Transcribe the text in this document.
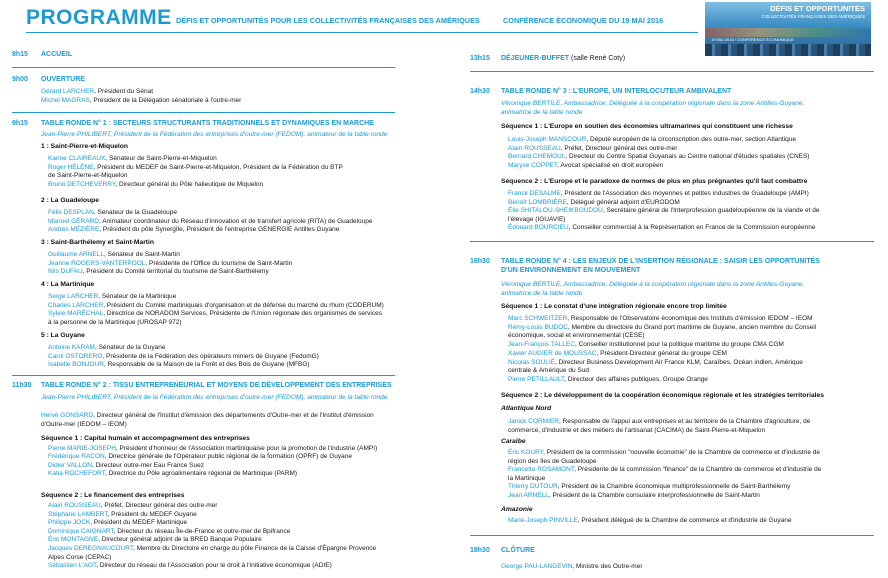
PROGRAMME DÉFIS ET OPPORTUNITÉS POUR LES COLLECTIVITÉS FRANÇAISES DES AMÉRIQUES	CONFÉRENCE ÉCONOMIQUE DU 19 MAI 2016
DÉFIS ET OPPORTUNITÉS
COLLECTIVITÉS FRANÇAISES DES AMÉRIQUES
19 MAI 2016 / CONFÉRENCE ÉCONOMIQUE
8h15 ACCUEIL
9h00 OUVERTURE
Gérard LARCHER, Président du Sénat
Michel MAGRAS, Président de la Délégation sénatoriale à l'outre-mer
9h15 TABLE RONDE N° 1 : SECTEURS STRUCTURANTS TRADITIONNELS ET DYNAMIQUES EN MARCHE
Jean-Pierre PHILIBERT, Président de la Fédération des entreprises d'outre-mer (FEDOM), animateur de la table ronde
1 : Saint-Pierre-et-Miquelon
Karine CLAIREAUX, Sénateur de Saint-Pierre-et-Miquelon
Roger HÉLÈNE, Président du MEDEF de Saint-Pierre-et-Miquelon, Président de la Fédération du BTP
de Saint-Pierre-et-Miquelon
Bruno DETCHEVERRY, Directeur général du Pôle halieutique de Miquelon
2 : La Guadeloupe
Félix DESPLAN, Sénateur de la Guadeloupe
Manuel GÉRARD, Animateur coordinateur du Réseau d'innovation et de transfert agricole (RITA) de Guadeloupe
Andrés MÉZIÈRE, Président du pôle Synergîle, Président de l'entreprise GENERGIE Antilles Guyane
3 : Saint-Barthélemy et Saint-Martin
Guillaume ARNELL, Sénateur de Saint-Martin
Jeanne ROGERS-VANTERPOOL, Présidente de l'Office du tourisme de Saint-Martin
Nils DUFAU, Président du Comité territorial du tourisme de Saint-Barthélemy
4 : La Martinique
Serge LARCHER, Sénateur de la Martinique
Charles LARCHER, Président du Comité martiniquais d'organisation et de défense du marché du rhum (CODERUM)
Sylvie MARÉCHAL, Directrice de NORADOM Services, Présidente de l'Union régionale des organismes de services
à la personne de la Martinique (UROSAP 972)
5 : La Guyane
Antoine KARAM, Sénateur de la Guyane
Carol OSTORERO, Présidente de la Fédération des opérateurs miniers de Guyane (FedomG)
Isabelle BONJOUR, Responsable de la Maison de la Forêt et des Bois de Guyane (MFBG)
11h30 TABLE RONDE N° 2 : TISSU ENTREPRENEURIAL ET MOYENS DE DÉVELOPPEMENT DES ENTREPRISES
Jean-Pierre PHILIBERT, Président de la Fédération des entreprises d'outre-mer (FEDOM), animateur de la table ronde
Hervé GONSARD, Directeur général de l'Institut d'émission des départements d'Outre-mer et de l'Institut d'émission
d'Outre-mer (IEDOM – IEOM)
Séquence 1 : Capital humain et accompagnement des entreprises
Pierre MARIE-JOSEPH, Président d'honneur de l'Association martiniquaise pour la promotion de l'industrie (AMPI)
Frédérique RACON, Directrice générale de l'Opérateur public régional de la formation (OPRF) de Guyane
Didier VALLON, Directeur outre-mer Eau France Suez
Katia ROCHEFORT, Directrice du Pôle agroalimentaire régional de Martinique (PARM)
Séquence 2 : Le financement des entreprises
Alain ROUSSEAU, Préfet, Directeur général des outre-mer
Stéphane LAMBERT, Président du MEDEF Guyane
Philippe JOCK, Président du MEDEF Martinique
Dominique CAIGNART, Directeur du réseau Île-de-France et outre-mer de Bpifrance
Éric MONTAGNE, Directeur général adjoint de la BRED Banque Populaire
Jacques DEREGNAUCOURT, Membre du Directoire en charge du pôle Finance de la Caisse d'Épargne Provence
Alpes Corse (CEPAC)
Sébastien L'AOT, Directeur du réseau de l'Association pour le droit à l'initiative économique (ADIE)
13h15 DÉJEUNER-BUFFET (salle René Coty)
14h30 TABLE RONDE N° 3 : L'EUROPE, UN INTERLOCUTEUR AMBIVALENT
Véronique BERTILE, Ambassadrice, Déléguée à la coopération régionale dans la zone Antilles-Guyane,
animatrice de la table ronde
Séquence 1 : L'Europe en soutien des économies ultramarines qui constituent une richesse
Louis-Joseph MANSCOUR, Député européen de la circonscription des outre-mer, section Atlantique
Alain ROUSSEAU, Préfet, Directeur général des outre-mer
Bernard CHEMOUL, Directeur du Centre Spatial Guyanais au Centre national d'études spatiales (CNES)
Maryse COPPET, Avocat spécialisé en droit européen
Séquence 2 : L'Europe et le paradoxe de normes de plus en plus prégnantes qu'il faut combattre
Franck DESALME, Président de l'Association des moyennes et petites industries de Guadeloupe (AMPI)
Benoît LOMBRIÈRE, Délégué général adjoint d'EURODOM
Élie SHITALOU-SHEIKBOUDOU, Secrétaire général de l'Interprofession guadeloupéenne de la viande et de
l'élevage (IGUAVIE)
Édouard BOURCIEU, Conseiller commercial à la Représentation en France de la Commission européenne
16h30 TABLE RONDE N° 4 : LES ENJEUX DE L'INSERTION RÉGIONALE : SAISIR LES OPPORTUNITÉS
D'UN ENVIRONNEMENT EN MOUVEMENT
Véronique BERTILE, Ambassadrice, Déléguée à la coopération régionale dans la zone Antilles-Guyane,
animatrice de la table ronde
Séquence 1 : Le constat d'une intégration régionale encore trop limitée
Marc SCHWEITZER, Responsable de l'Observatoire économique des Instituts d'émission IEDOM – IEOM
Rémy-Louis BUDOC, Membre du directoire du Grand port maritime de Guyane, ancien membre du Conseil
économique, social et environnemental (CESE)
Jean-François TALLEC, Conseiller institutionnel pour la politique maritime du groupe CMA CGM
Xavier AUGIER de MOUSSAC, Président-Directeur général du groupe CEM
Nicolas SOULIÉ, Directeur Business Development Air France KLM, Caraïbes, Océan indien, Amérique
centrale & Amérique du Sud
Pierre PETILLAULT, Directeur des affaires publiques, Groupe Orange
Séquence 2 : Le développement de la coopération économique régionale et les stratégies territoriales
Atlantique Nord
Janick CORMIER, Responsable de l'appui aux entreprises et au territoire de la Chambre d'agriculture, de
commerce, d'industrie et des métiers de l'artisanat (CACIMA) de Saint-Pierre-et-Miquelon
Caraïbe
Éric KOURY, Président de la commission "nouvelle économie" de la Chambre de commerce et d'industrie de
région des îles de Guadeloupe
Francette ROSAMONT, Présidente de la commission "finance" de la Chambre de commerce et d'industrie de
la Martinique
Thierry DUTOUR, Président de la Chambre économique multiprofessionnelle de Saint-Barthélemy
Jean ARNELL, Président de la Chambre consulaire interprofessionnelle de Saint-Martin
Amazonie
Marie-Joseph PINVILLE, Président délégué de la Chambre de commerce et d'industrie de Guyane
18h30 CLÔTURE
George PAU-LANGEVIN, Ministre des Outre-mer
